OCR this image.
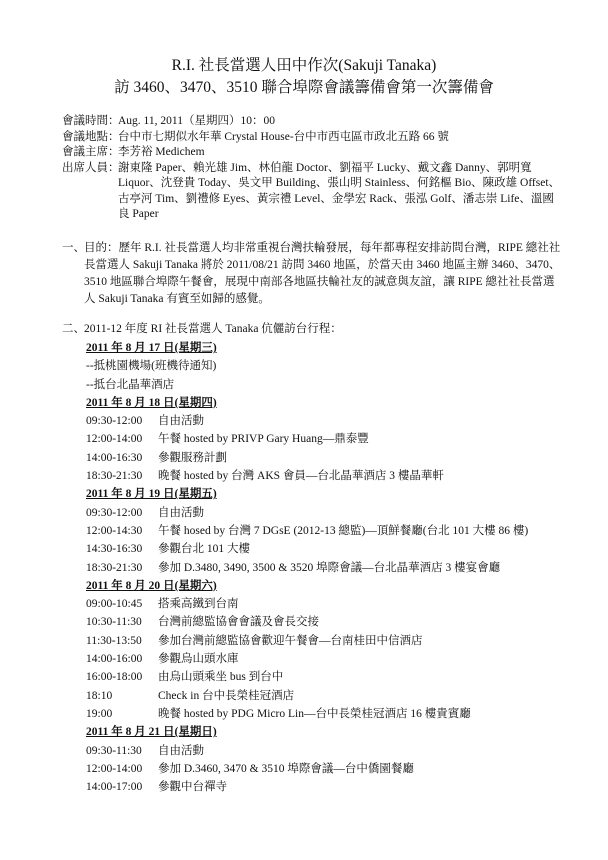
R.I. 社長當選人田中作次(Sakuji Tanaka)
訪 3460、3470、3510 聯合埠際會議籌備會第一次籌備會
會議時間：
Aug. 11, 2011（星期四）10：00
會議地點：
台中市七期似水年華 Crystal House-台中市西屯區市政北五路 66 號
會議主席：
李芳裕 Medichem
出席人員：
謝東隆 Paper、賴光雄 Jim、林伯龍 Doctor、劉福平 Lucky、戴文鑫 Danny、郭明寬 Liquor、沈登貴 Today、吳文甲 Building、張山明 Stainless、何銘樞 Bio、陳政雄 Offset、古亭河 Tim、劉禮修 Eyes、黃宗禮 Level、金學宏 Rack、張泓 Golf、潘志崇 Life、溫國良 Paper
一、 目的：歷年 R.I. 社長當選人均非常重視台灣扶輪發展，每年都專程安排訪問台灣，RIPE 總社社長當選人 Sakuji Tanaka 將於 2011/08/21 訪問 3460 地區，於當天由 3460 地區主辦 3460、3470、3510 地區聯合埠際午餐會，展現中南部各地區扶輪社友的誠意與友誼，讓 RIPE 總社社長當選人 Sakuji Tanaka 有賓至如歸的感覺。
二、 2011-12 年度 RI 社長當選人 Tanaka 伉儷訪台行程：
2011 年 8 月 17 日(星期三)
--抵桃園機場(班機待通知)
--抵台北晶華酒店
2011 年 8 月 18 日(星期四)
09:30-12:00	自由活動
12:00-14:00	午餐 hosted by PRIVP Gary Huang—鼎泰豐
14:00-16:30	參觀服務計劃
18:30-21:30	晚餐 hosted by 台灣 AKS 會員—台北晶華酒店 3 樓晶華軒
2011 年 8 月 19 日(星期五)
09:30-12:00	自由活動
12:00-14:30	午餐 hosed by 台灣 7 DGsE (2012-13 總監)—頂鮮餐廳(台北 101 大樓 86 樓)
14:30-16:30	參觀台北 101 大樓
18:30-21:30	參加 D.3480, 3490, 3500 & 3520 埠際會議—台北晶華酒店 3 樓宴會廳
2011 年 8 月 20 日(星期六)
09:00-10:45	搭乘高鐵到台南
10:30-11:30	台灣前總監協會會議及會長交接
11:30-13:50	參加台灣前總監協會歡迎午餐會—台南桂田中信酒店
14:00-16:00	參觀烏山頭水庫
16:00-18:00	由烏山頭乘坐 bus 到台中
18:10	Check in 台中長榮桂冠酒店
19:00	晚餐 hosted by PDG Micro Lin—台中長榮桂冠酒店 16 樓貴賓廳
2011 年 8 月 21 日(星期日)
09:30-11:30	自由活動
12:00-14:00	參加 D.3460, 3470 & 3510 埠際會議—台中僑園餐廳
14:00-17:00	參觀中台禪寺
